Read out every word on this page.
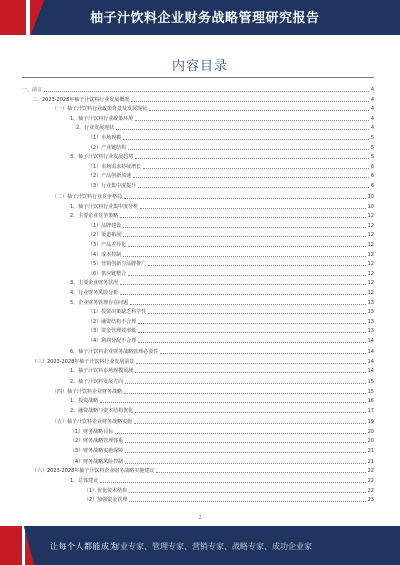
柚子汁饮料企业财务战略管理研究报告
内容目录
一、前言	4
二、2023-2028年柚子汁饮料行业发展概况	4
（一）柚子汁饮料行业政策背景及发展现状	4
1、柚子汁饮料行业政策环境	4
2、行业发展现状	4
（1）市场规模	5
（2）产业链结构	5
3、柚子汁饮料行业发展趋势	5
（1）市场需求持续增长	6
（2）产品创新加速	6
（3）行业集中度提升	6
（二）柚子汁饮料行业竞争格局	10
1、柚子汁饮料行业集中度分析	10
2、主要企业竞争策略	12
（1）品牌建设	12
（2）渠道拓展	12
（3）产品差异化	12
（4）成本控制	12
（5）营销创新与品牌推广	12
（6）供应链整合	12
3、主要企业财务状况	12
4、行业财务风险分析	12
5、企业财务管理存在问题	13
（1）投资决策缺乏科学性	13
（2）融资结构不合理	13
（3）资金管理效率低	13
（4）利润分配不合理	14
6、柚子汁饮料企业财务战略管理必要性	14
（三）2023-2028年柚子汁饮料行业发展前景	14
1、柚子汁饮料市场规模预测	14
2、柚子汁饮料发展方向	15
（四）柚子汁饮料企业财务战略	15
1、投资战略	16
2、融资战略与资本结构优化	17
（五）柚子汁饮料企业财务战略实施	19
（1）财务战略目标	20
（2）财务战略管理体系	20
（3）财务战略实施保障	21
（4）财务战略风险控制	21
（六）2023-2028年柚子汁饮料企业财务战略实施建议	22
1、总体建议	22
（1）优化资本结构	22
（2）加强资金管理	23
2
让每个人都能成为
行业专家、管理专家、营销专家、战略专家、成功企业家
